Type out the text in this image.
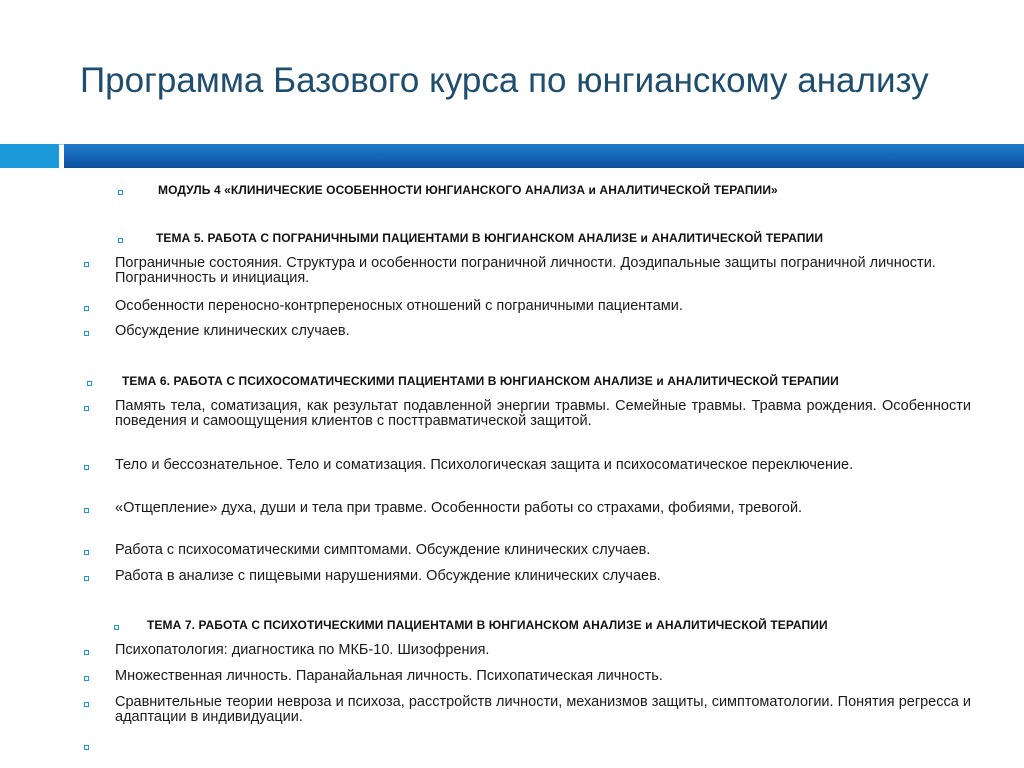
Программа Базового курса по юнгианскому анализу
МОДУЛЬ 4 «КЛИНИЧЕСКИЕ ОСОБЕННОСТИ ЮНГИАНСКОГО АНАЛИЗА и АНАЛИТИЧЕСКОЙ ТЕРАПИИ»
ТЕМА 5. РАБОТА С ПОГРАНИЧНЫМИ ПАЦИЕНТАМИ В ЮНГИАНСКОМ АНАЛИЗЕ и АНАЛИТИЧЕСКОЙ ТЕРАПИИ
Пограничные состояния. Структура и особенности пограничной личности. Доэдипальные защиты пограничной личности. Пограничность и инициация.
Особенности переносно-контрпереносных отношений с пограничными пациентами.
Обсуждение клинических случаев.
ТЕМА 6. РАБОТА С ПСИХОСОМАТИЧЕСКИМИ ПАЦИЕНТАМИ В ЮНГИАНСКОМ АНАЛИЗЕ и АНАЛИТИЧЕСКОЙ ТЕРАПИИ
Память тела, соматизация, как результат подавленной энергии травмы. Семейные травмы. Травма рождения. Особенности поведения и самоощущения клиентов с посттравматической защитой.
Тело и бессознательное. Тело и соматизация. Психологическая защита и психосоматическое переключение.
«Отщепление» духа, души и тела при травме. Особенности работы со страхами, фобиями, тревогой.
Работа с психосоматическими симптомами. Обсуждение клинических случаев.
Работа в анализе с пищевыми нарушениями. Обсуждение клинических случаев.
ТЕМА 7. РАБОТА С ПСИХОТИЧЕСКИМИ ПАЦИЕНТАМИ В ЮНГИАНСКОМ АНАЛИЗЕ и АНАЛИТИЧЕСКОЙ ТЕРАПИИ
Психопатология: диагностика по МКБ-10. Шизофрения.
Множественная личность. Паранайальная личность. Психопатическая личность.
Сравнительные теории невроза и психоза, расстройств личности, механизмов защиты, симптоматологии. Понятия регресса и адаптации в индивидуации.
